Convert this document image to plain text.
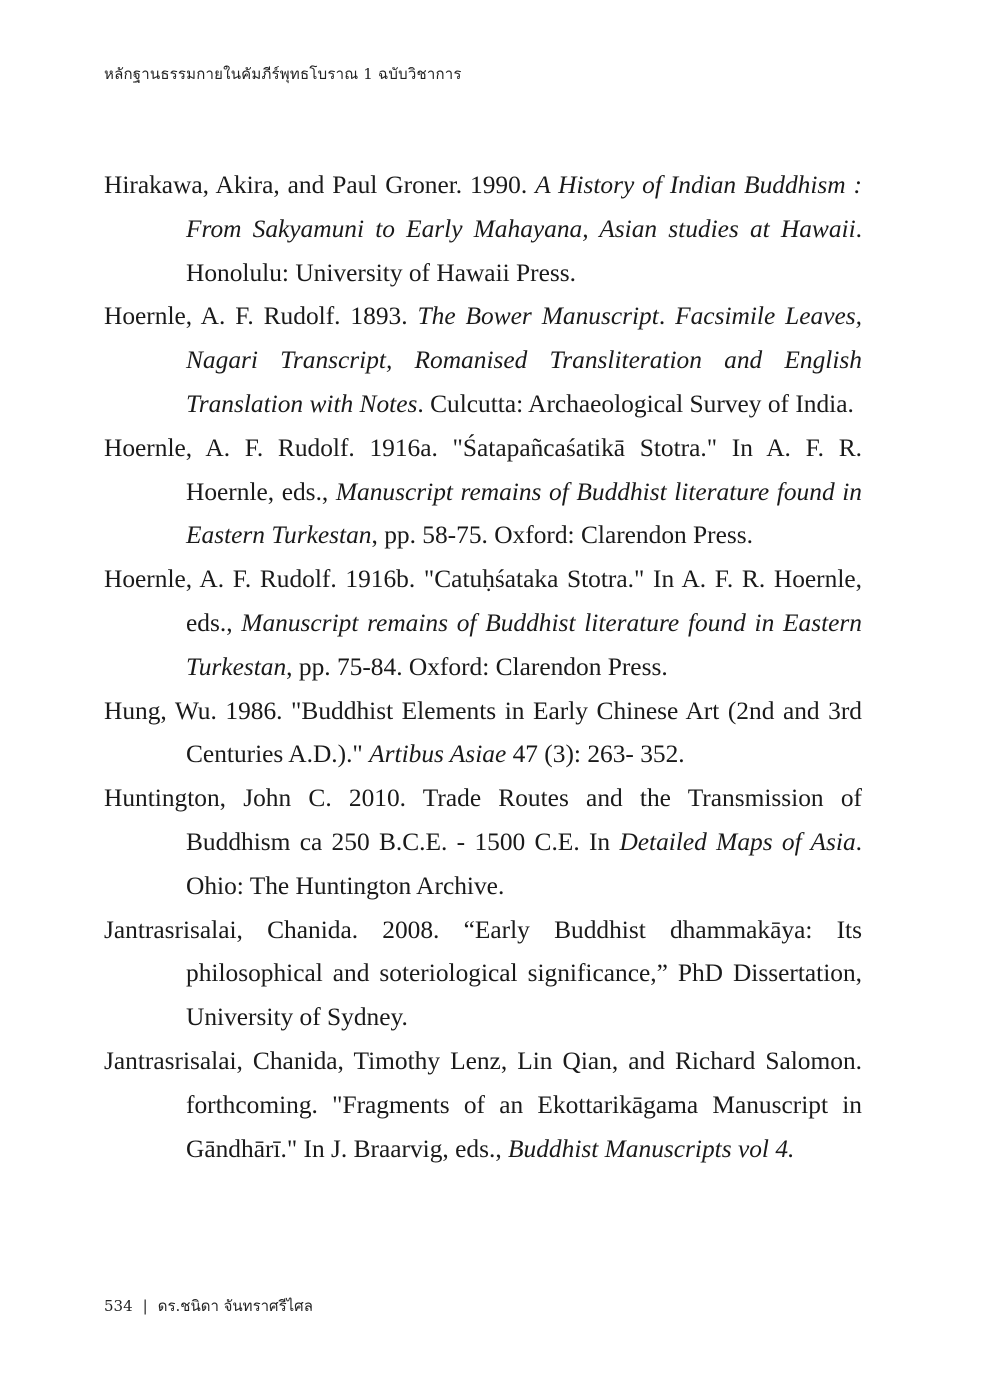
หลักฐานธรรมกายในคัมภีร์พุทธโบราณ 1 ฉบับวิชาการ

Hirakawa, Akira, and Paul Groner. 1990. A History of Indian Buddhism : From Sakyamuni to Early Mahayana, Asian studies at Hawaii. Honolulu: University of Hawaii Press.

Hoernle, A. F. Rudolf. 1893. The Bower Manuscript. Facsimile Leaves, Nagari Transcript, Romanised Transliteration and English Translation with Notes. Culcutta: Archaeological Survey of India.

Hoernle, A. F. Rudolf. 1916a. "Śatapañcaśatikā Stotra." In A. F. R. Hoernle, eds., Manuscript remains of Buddhist literature found in Eastern Turkestan, pp. 58-75. Oxford: Clarendon Press.

Hoernle, A. F. Rudolf. 1916b. "Catuḥśataka Stotra." In A. F. R. Hoernle, eds., Manuscript remains of Buddhist literature found in Eastern Turkestan, pp. 75-84. Oxford: Clarendon Press.

Hung, Wu. 1986. "Buddhist Elements in Early Chinese Art (2nd and 3rd Centuries A.D.)." Artibus Asiae 47 (3): 263- 352.

Huntington, John C. 2010. Trade Routes and the Transmission of Buddhism ca 250 B.C.E. - 1500 C.E. In Detailed Maps of Asia. Ohio: The Huntington Archive.

Jantrasrisalai, Chanida. 2008. “Early Buddhist dhammakāya: Its philosophical and soteriological significance,” PhD Dissertation, University of Sydney.

Jantrasrisalai, Chanida, Timothy Lenz, Lin Qian, and Richard Salomon. forthcoming. "Fragments of an Ekottarikāgama Manuscript in Gāndhārī." In J. Braarvig, eds., Buddhist Manuscripts vol 4.

534 | ดร.ชนิดา จันทราศรีไศล
